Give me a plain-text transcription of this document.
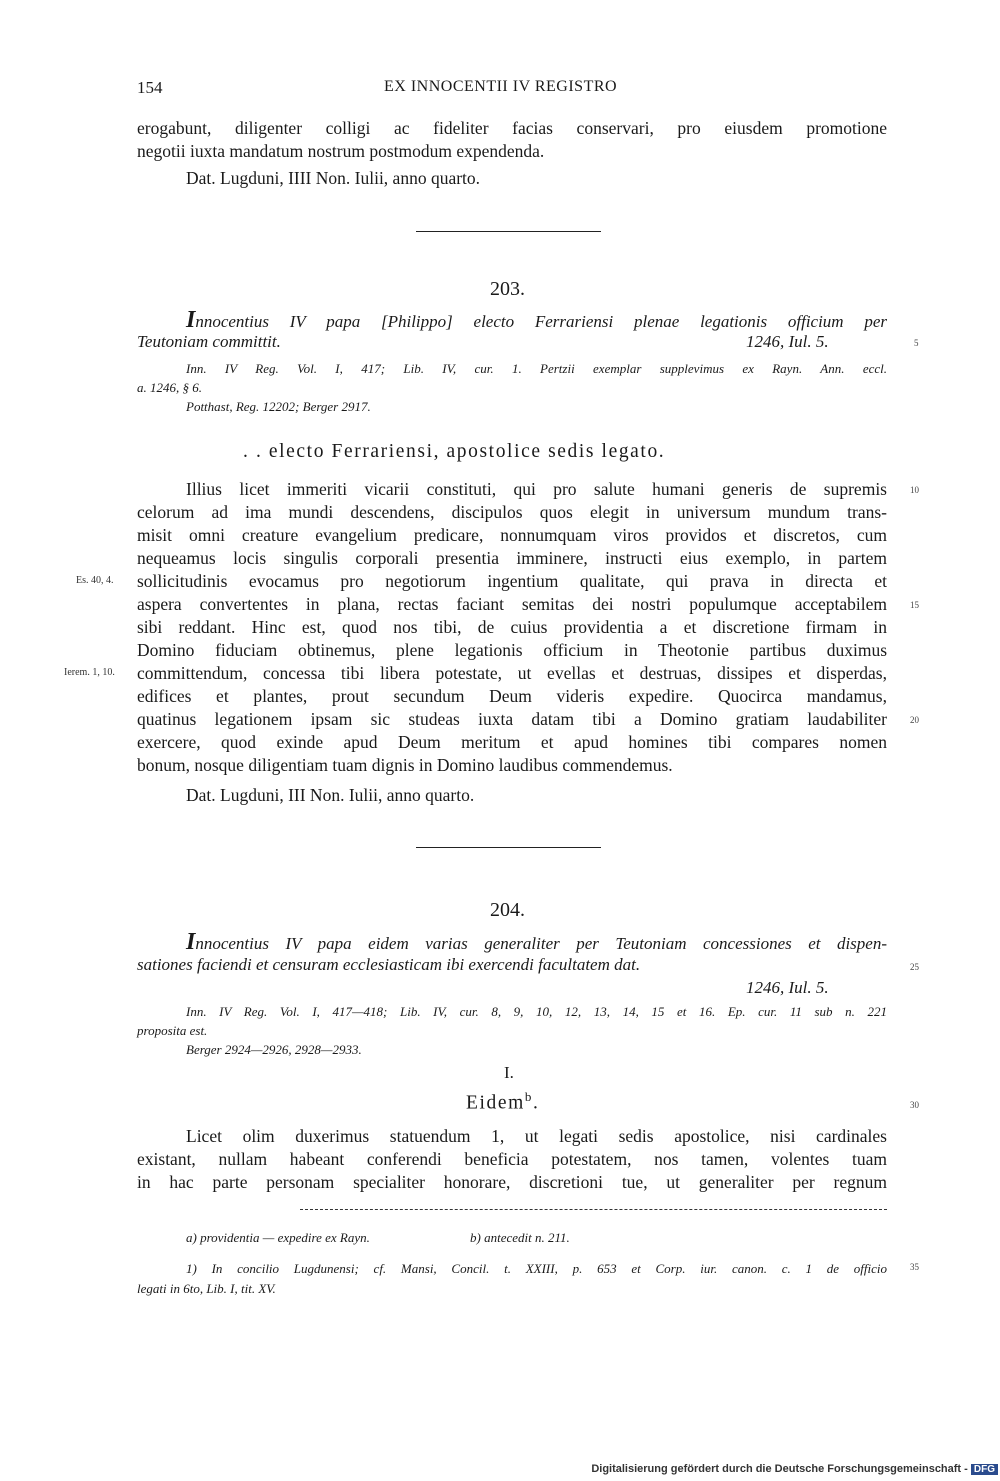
154	EX INNOCENTII IV REGISTRO
erogabunt, diligenter colligi ac fideliter facias conservari, pro eiusdem promotione
negotii iuxta mandatum nostrum postmodum expendenda.
Dat. Lugduni, IIII Non. Iulii, anno quarto.
203.
Innocentius IV papa [Philippo] electo Ferrariensi plenae legationis officium per
Teutoniam committit.	1246, Iul. 5.
Inn. IV Reg. Vol. I, 417; Lib. IV, cur. 1. Pertzii exemplar supplevimus ex Rayn. Ann. eccl.
a. 1246, § 6.
Potthast, Reg. 12202; Berger 2917.
. . electo Ferrariensi, apostolice sedis legato.
Illius licet immeriti vicarii constituti, qui pro salute humani generis de supremis
celorum ad ima mundi descendens, discipulos quos elegit in universum mundum trans-
misit omni creature evangelium predicare, nonnumquam viros providos et discretos, cum
nequeamus locis singulis corporali presentia imminere, instructi eius exemplo, in partem
sollicitudinis evocamus pro negotiorum ingentium qualitate, qui prava in directa et
aspera convertentes in plana, rectas faciant semitas dei nostri populumque acceptabilem
sibi reddant. Hinc est, quod nos tibi, de cuius providentia a et discretione firmam in
Domino fiduciam obtinemus, plene legationis officium in Theotonie partibus duximus
committendum, concessa tibi libera potestate, ut evellas et destruas, dissipes et disperdas,
edifices et plantes, prout secundum Deum videris expedire. Quocirca mandamus,
quatinus legationem ipsam sic studeas iuxta datam tibi a Domino gratiam laudabiliter
exercere, quod exinde apud Deum meritum et apud homines tibi compares nomen
bonum, nosque diligentiam tuam dignis in Domino laudibus commendemus.
Dat. Lugduni, III Non. Iulii, anno quarto.
204.
Innocentius IV papa eidem varias generaliter per Teutoniam concessiones et dispen-
sationes faciendi et censuram ecclesiasticam ibi exercendi facultatem dat.
1246, Iul. 5.
Inn. IV Reg. Vol. I, 417—418; Lib. IV, cur. 8, 9, 10, 12, 13, 14, 15 et 16. Ep. cur. 11 sub n. 221
proposita est.
Berger 2924—2926, 2928—2933.
I.
Eidem$^b$.
Licet olim duxerimus statuendum 1, ut legati sedis apostolice, nisi cardinales
existant, nullam habeant conferendi beneficia potestatem, nos tamen, volentes tuam
in hac parte personam specialiter honorare, discretioni tue, ut generaliter per regnum
a) providentia — expedire ex Rayn.	b) antecedit n. 211.
1) In concilio Lugdunensi; cf. Mansi, Concil. t. XXIII, p. 653 et Corp. iur. canon. c. 1 de officio
legati in 6to, Lib. I, tit. XV.
5
10
15
20
25
30
35
Es. 40, 4.
Ierem. 1, 10.
Digitalisierung gefördert durch die Deutsche Forschungsgemeinschaft - DFG
